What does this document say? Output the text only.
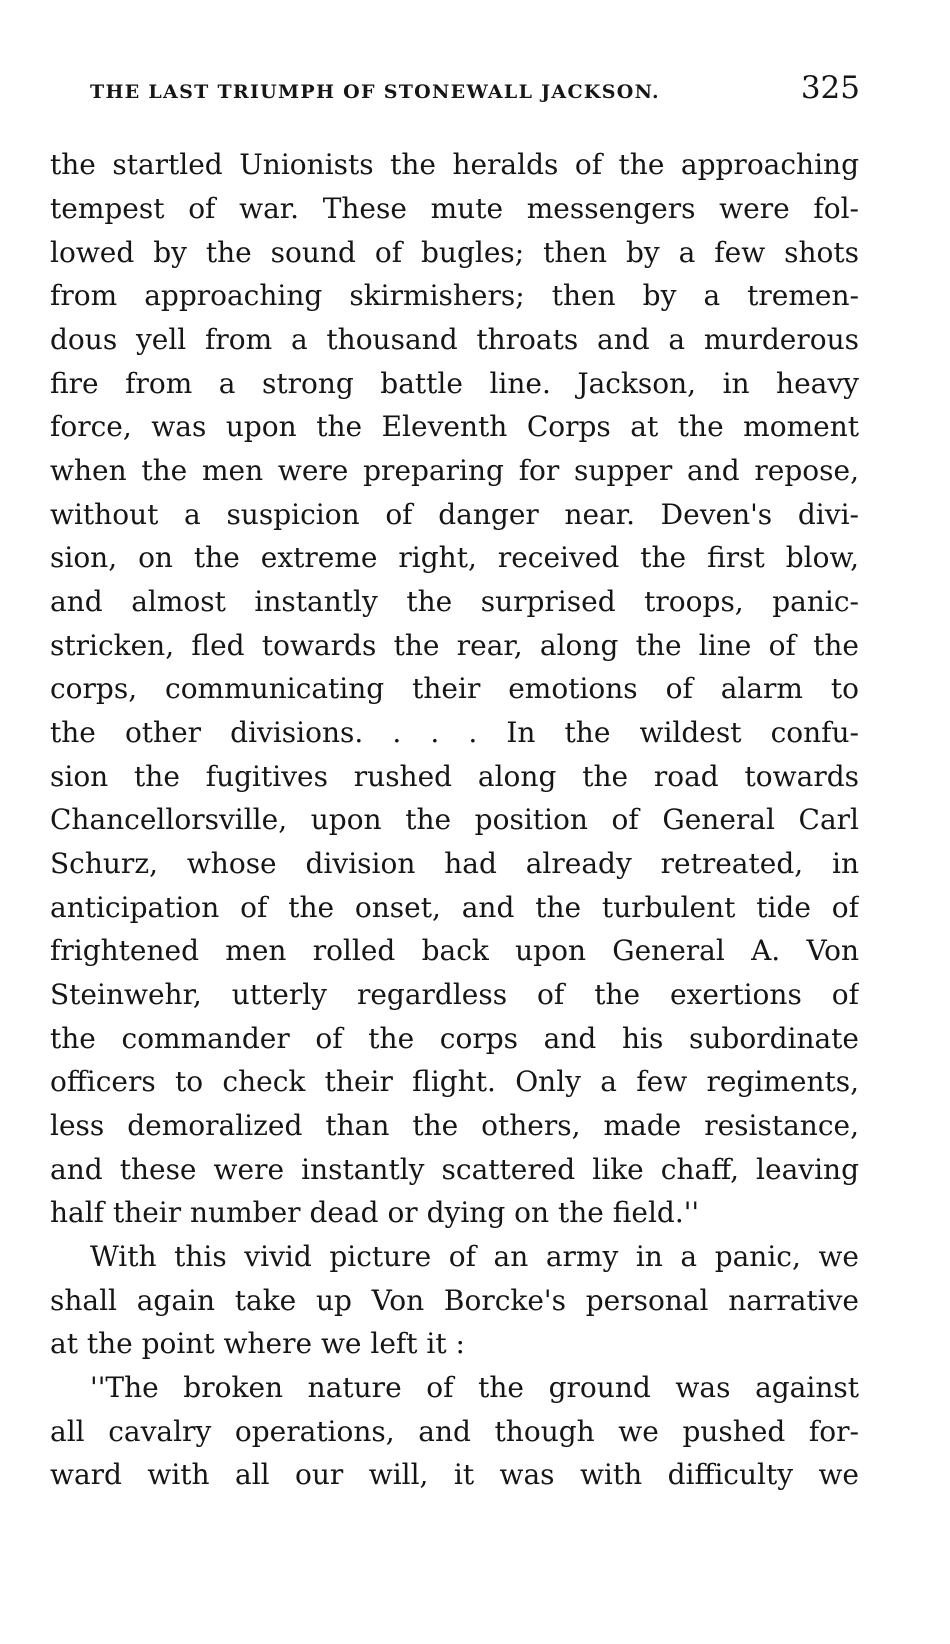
THE LAST TRIUMPH OF STONEWALL JACKSON.	325
the startled Unionists the heralds of the approaching
tempest of war. These mute messengers were fol-
lowed by the sound of bugles; then by a few shots
from approaching skirmishers; then by a tremen-
dous yell from a thousand throats and a murderous
fire from a strong battle line. Jackson, in heavy
force, was upon the Eleventh Corps at the moment
when the men were preparing for supper and repose,
without a suspicion of danger near. Deven's divi-
sion, on the extreme right, received the first blow,
and almost instantly the surprised troops, panic-
stricken, fled towards the rear, along the line of the
corps, communicating their emotions of alarm to
the other divisions. . . . In the wildest confu-
sion the fugitives rushed along the road towards
Chancellorsville, upon the position of General Carl
Schurz, whose division had already retreated, in
anticipation of the onset, and the turbulent tide of
frightened men rolled back upon General A. Von
Steinwehr, utterly regardless of the exertions of
the commander of the corps and his subordinate
officers to check their flight. Only a few regiments,
less demoralized than the others, made resistance,
and these were instantly scattered like chaff, leaving
half their number dead or dying on the field.''
With this vivid picture of an army in a panic, we
shall again take up Von Borcke's personal narrative
at the point where we left it :
''The broken nature of the ground was against
all cavalry operations, and though we pushed for-
ward with all our will, it was with difficulty we
